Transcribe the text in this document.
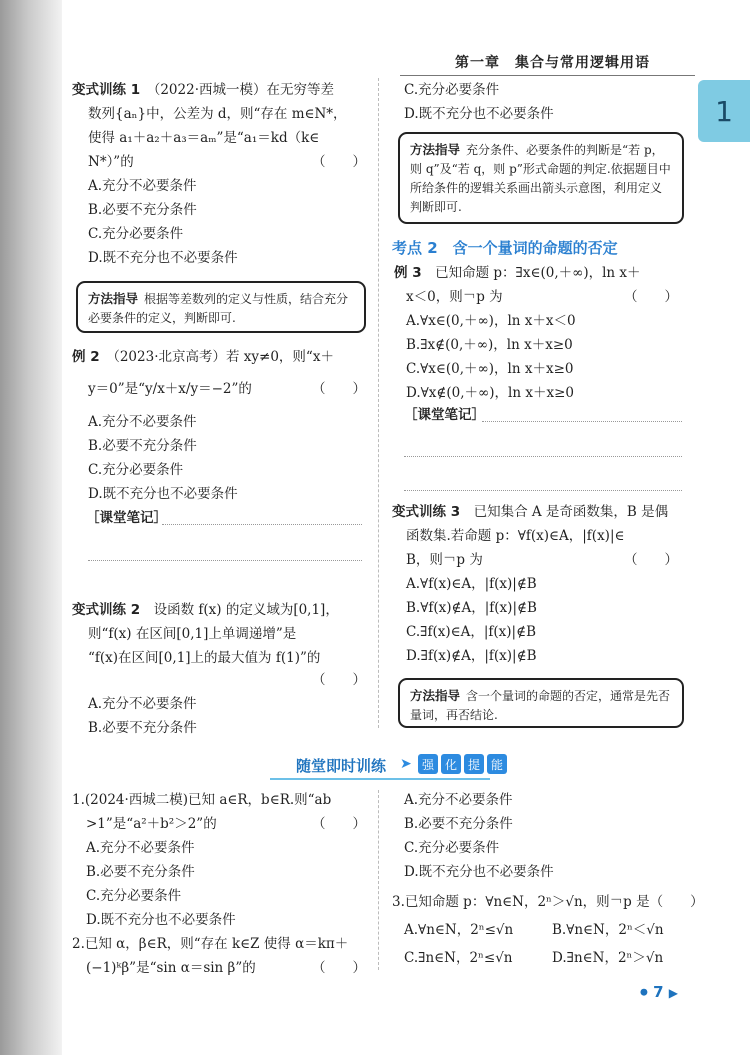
第一章　集合与常用逻辑用语
1
变式训练 1　 （2022·西城一模）在无穷等差
数列{aₙ}中，公差为 d，则“存在 m∈N*，
使得 a₁＋a₂＋a₃＝aₘ”是“a₁＝kd（k∈
N*）”的	（　　）
A.充分不必要条件
B.必要不充分条件
C.充分必要条件
D.既不充分也不必要条件
方法指导 根据等差数列的定义与性质，结合充分必要条件的定义，判断即可.
例 2　 （2023·北京高考）若 xy≠0，则“x＋
y＝0”是“y/x＋x/y＝−2”的	（　　）
A.充分不必要条件
B.必要不充分条件
C.充分必要条件
D.既不充分也不必要条件
［课堂笔记］
变式训练 2　 设函数 f(x) 的定义域为[0,1]，
则“f(x) 在区间[0,1]上单调递增”是
“f(x)在区间[0,1]上的最大值为 f(1)”的
（　　）
A.充分不必要条件
B.必要不充分条件
C.充分必要条件
D.既不充分也不必要条件
方法指导 充分条件、必要条件的判断是“若 p，则 q”及“若 q，则 p”形式命题的判定.依据题目中所给条件的逻辑关系画出箭头示意图，利用定义判断即可.
考点 2　含一个量词的命题的否定
例 3　 已知命题 p：∃x∈(0,＋∞)，ln x＋
x＜0，则￢p 为	（　　）
A.∀x∈(0,＋∞)，ln x＋x＜0
B.∃x∉(0,＋∞)，ln x＋x≥0
C.∀x∈(0,＋∞)，ln x＋x≥0
D.∀x∉(0,＋∞)，ln x＋x≥0
［课堂笔记］
变式训练 3　 已知集合 A 是奇函数集，B 是偶
函数集.若命题 p：∀f(x)∈A，|f(x)|∈
B，则￢p 为	（　　）
A.∀f(x)∈A，|f(x)|∉B
B.∀f(x)∉A，|f(x)|∉B
C.∃f(x)∈A，|f(x)|∉B
D.∃f(x)∉A，|f(x)|∉B
方法指导 含一个量词的命题的否定，通常是先否量词，再否结论.
随堂即时训练 ➤ 强 化 提 能
1.(2024·西城二模)已知 a∈R，b∈R.则“ab
>1”是“a²＋b²＞2”的	（　　）
A.充分不必要条件
B.必要不充分条件
C.充分必要条件
D.既不充分也不必要条件
2.已知 α，β∈R，则“存在 k∈Z 使得 α＝kπ＋
(−1)ᵏβ”是“sin α＝sin β”的	（　　）
A.充分不必要条件
B.必要不充分条件
C.充分必要条件
D.既不充分也不必要条件
3.已知命题 p：∀n∈N，2ⁿ＞√n，则￢p 是（　　）
A.∀n∈N，2ⁿ≤√n	B.∀n∈N，2ⁿ＜√n
C.∃n∈N，2ⁿ≤√n	D.∃n∈N，2ⁿ＞√n
● 7 ▶
